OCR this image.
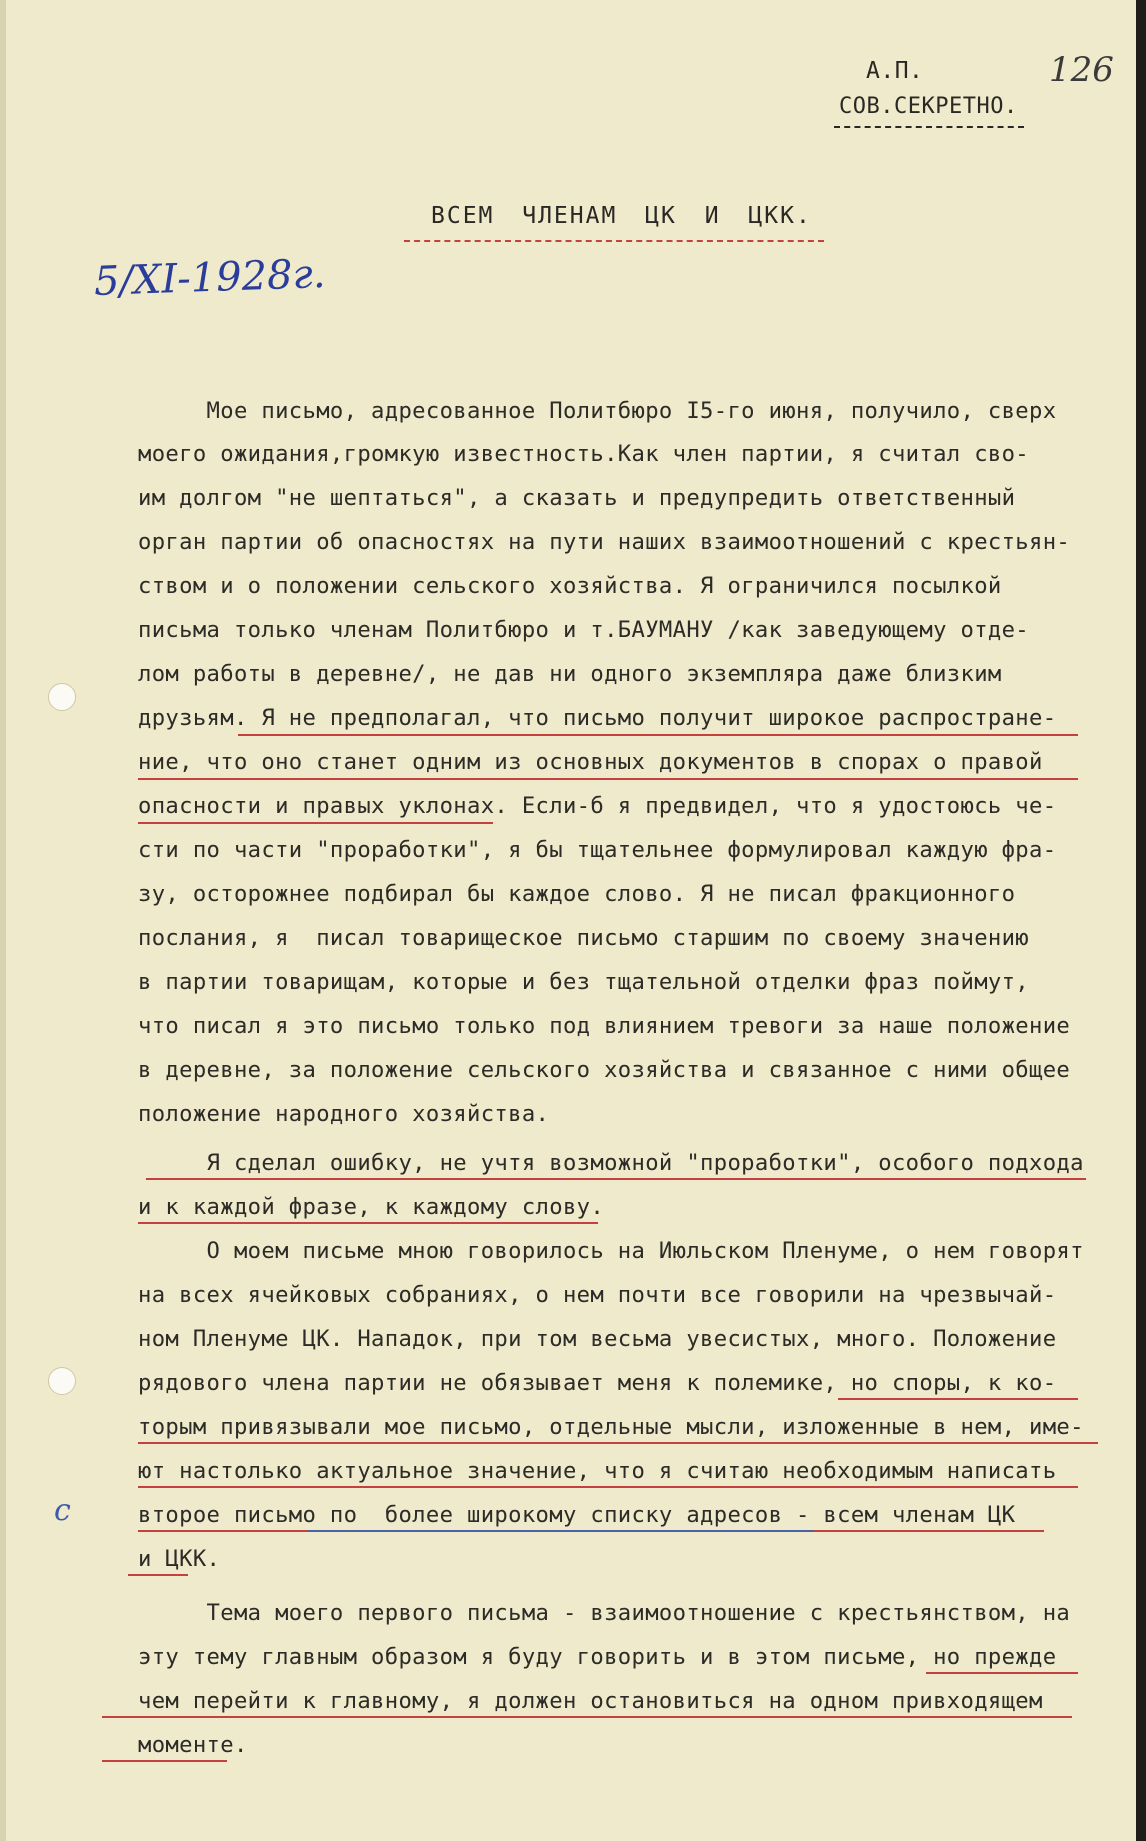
А.П.
СОВ.СЕКРЕТНО.
126
ВСЕМ ЧЛЕНАМ ЦК И ЦКК.
5/XI-1928г.
c
Мое письмо, адресованное Политбюро I5-го июня, получило, сверх
моего ожидания,громкую известность.Как член партии, я считал сво-
им долгом "не шептаться", а сказать и предупредить ответственный
орган партии об опасностях на пути наших взаимоотношений с крестьян-
ством и о положении сельского хозяйства. Я ограничился посылкой
письма только членам Политбюро и т.БАУМАНУ /как заведующему отде-
лом работы в деревне/, не дав ни одного экземпляра даже близким
друзьям. Я не предполагал, что письмо получит широкое распростране-
ние, что оно станет одним из основных документов в спорах о правой
опасности и правых уклонах. Если-б я предвидел, что я удостоюсь че-
сти по части "проработки", я бы тщательнее формулировал каждую фра-
зу, осторожнее подбирал бы каждое слово. Я не писал фракционного
послания, я  писал товарищеское письмо старшим по своему значению
в партии товарищам, которые и без тщательной отделки фраз поймут,
что писал я это письмо только под влиянием тревоги за наше положение
в деревне, за положение сельского хозяйства и связанное с ними общее
положение народного хозяйства.
Я сделал ошибку, не учтя возможной "проработки", особого подхода
и к каждой фразе, к каждому слову.
О моем письме мною говорилось на Июльском Пленуме, о нем говорят
на всех ячейковых собраниях, о нем почти все говорили на чрезвычай-
ном Пленуме ЦК. Нападок, при том весьма увесистых, много. Положение
рядового члена партии не обязывает меня к полемике, но споры, к ко-
торым привязывали мое письмо, отдельные мысли, изложенные в нем, име-
ют настолько актуальное значение, что я считаю необходимым написать
второе письмо по  более широкому списку адресов - всем членам ЦК
и ЦКК.
Тема моего первого письма - взаимоотношение с крестьянством, на
эту тему главным образом я буду говорить и в этом письме, но прежде
чем перейти к главному, я должен остановиться на одном привходящем
моменте.
